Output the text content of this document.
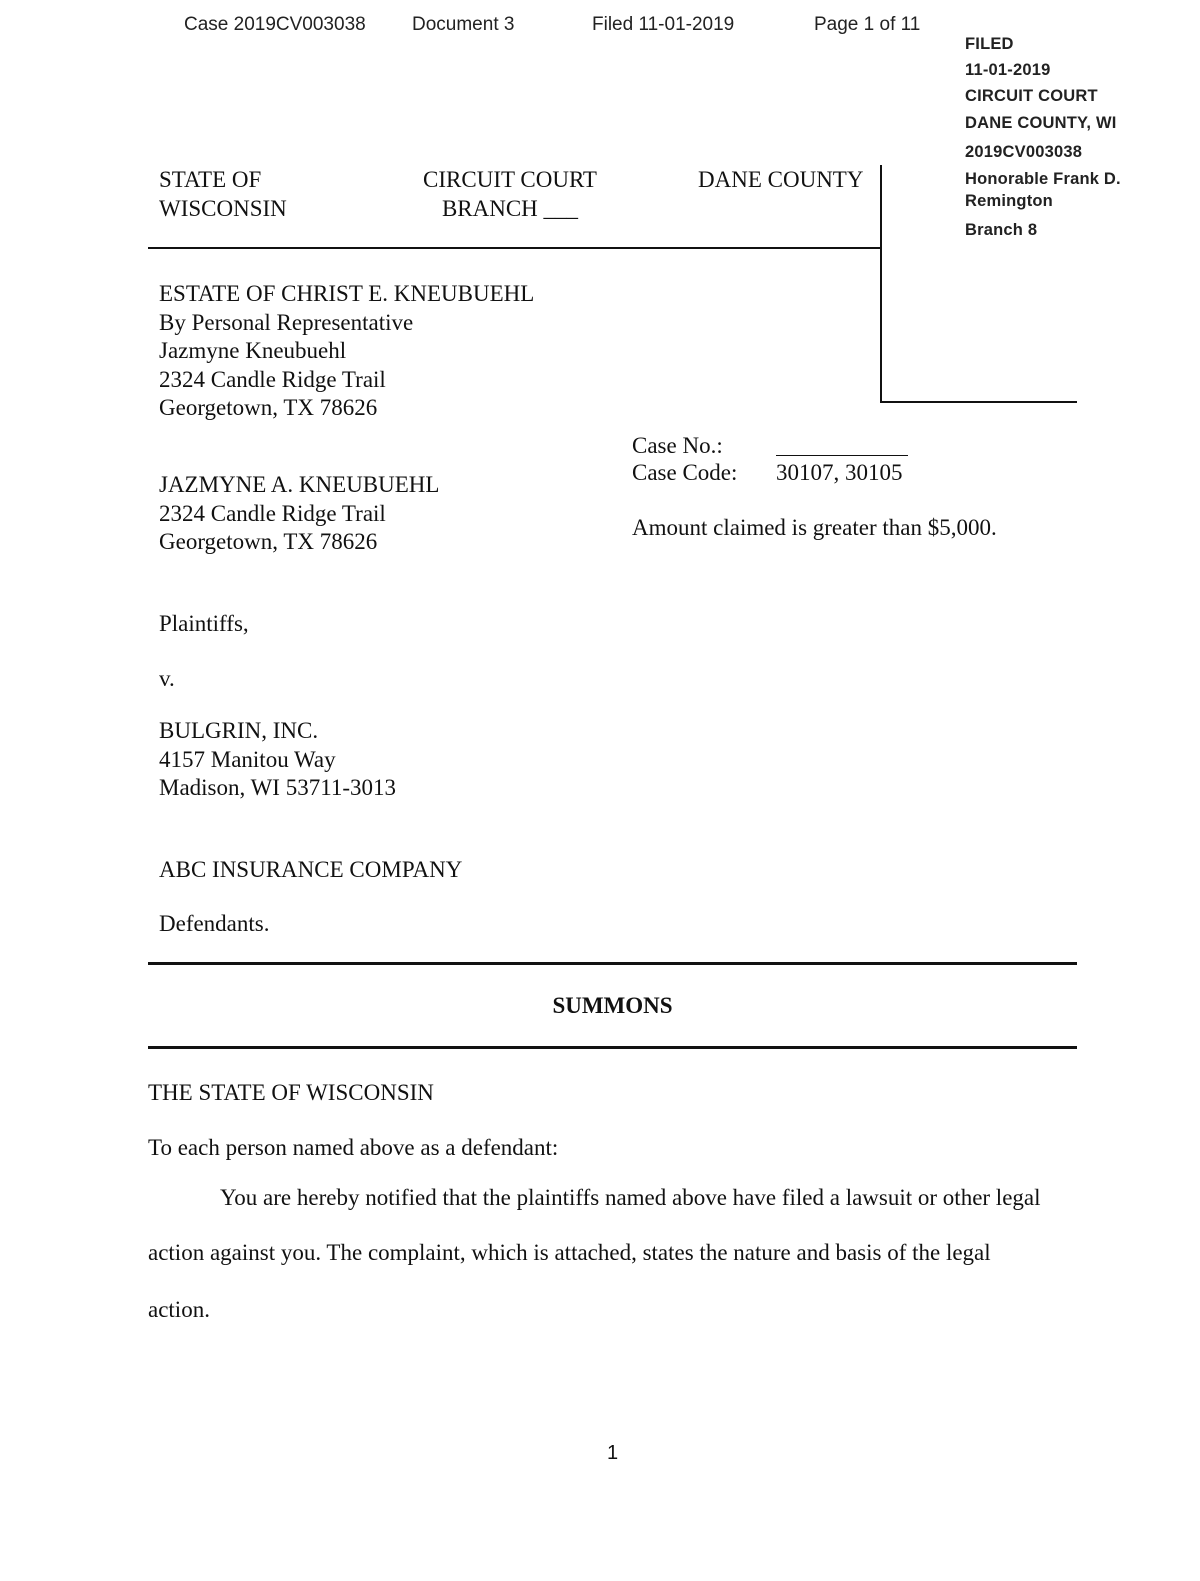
Case 2019CV003038 Document 3	Filed 11-01-2019	Page 1 of 11
FILED
11-01-2019
CIRCUIT COURT
DANE COUNTY, WI
2019CV003038
Honorable Frank D.
Remington
Branch 8
STATE OF
WISCONSIN
CIRCUIT COURT
BRANCH ___
DANE COUNTY
ESTATE OF CHRIST E. KNEUBUEHL
By Personal Representative
Jazmyne Kneubuehl
2324 Candle Ridge Trail
Georgetown, TX 78626
Case No.:
Case Code: 30107, 30105
Amount claimed is greater than $5,000.
JAZMYNE A. KNEUBUEHL
2324 Candle Ridge Trail
Georgetown, TX 78626
Plaintiffs,
v.
BULGRIN, INC.
4157 Manitou Way
Madison, WI 53711-3013
ABC INSURANCE COMPANY
Defendants.
SUMMONS
THE STATE OF WISCONSIN
To each person named above as a defendant:
You are hereby notified that the plaintiffs named above have filed a lawsuit or other legal
action against you. The complaint, which is attached, states the nature and basis of the legal
action.
1
